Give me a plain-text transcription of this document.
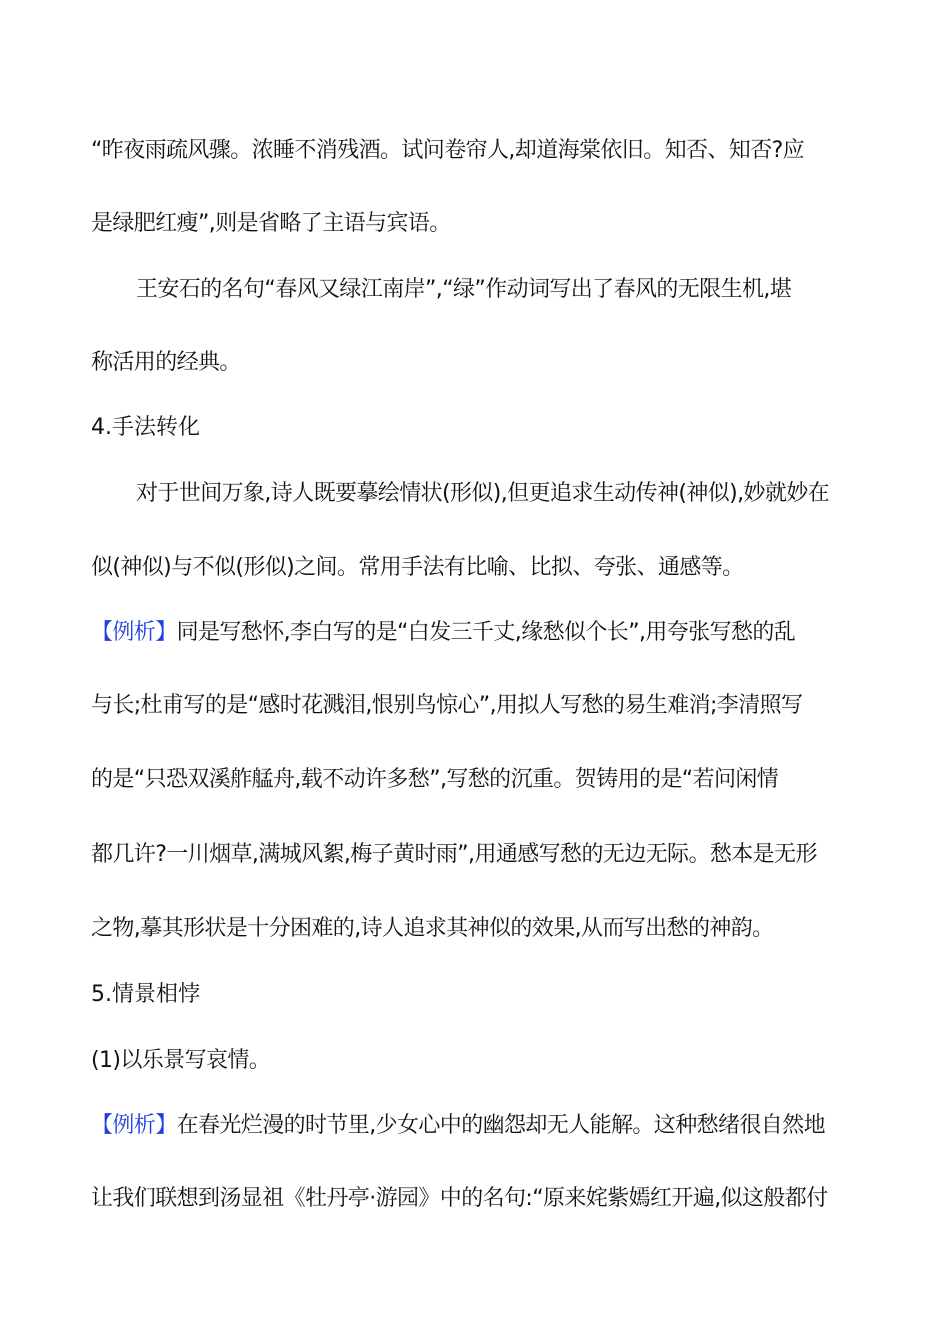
“昨夜雨疏风骤。浓睡不消残酒。试问卷帘人,却道海棠依旧。知否、知否?应
是绿肥红瘦”,则是省略了主语与宾语。
王安石的名句“春风又绿江南岸”,“绿”作动词写出了春风的无限生机,堪
称活用的经典。
4.手法转化
对于世间万象,诗人既要摹绘情状(形似),但更追求生动传神(神似),妙就妙在
似(神似)与不似(形似)之间。常用手法有比喻、比拟、夸张、通感等。
【例析】同是写愁怀,李白写的是“白发三千丈,缘愁似个长”,用夸张写愁的乱
与长;杜甫写的是“感时花溅泪,恨别鸟惊心”,用拟人写愁的易生难消;李清照写
的是“只恐双溪舴艋舟,载不动许多愁”,写愁的沉重。贺铸用的是“若问闲情
都几许?一川烟草,满城风絮,梅子黄时雨”,用通感写愁的无边无际。愁本是无形
之物,摹其形状是十分困难的,诗人追求其神似的效果,从而写出愁的神韵。
5.情景相悖
(1)以乐景写哀情。
【例析】在春光烂漫的时节里,少女心中的幽怨却无人能解。这种愁绪很自然地
让我们联想到汤显祖《牡丹亭·游园》中的名句:“原来姹紫嫣红开遍,似这般都付
